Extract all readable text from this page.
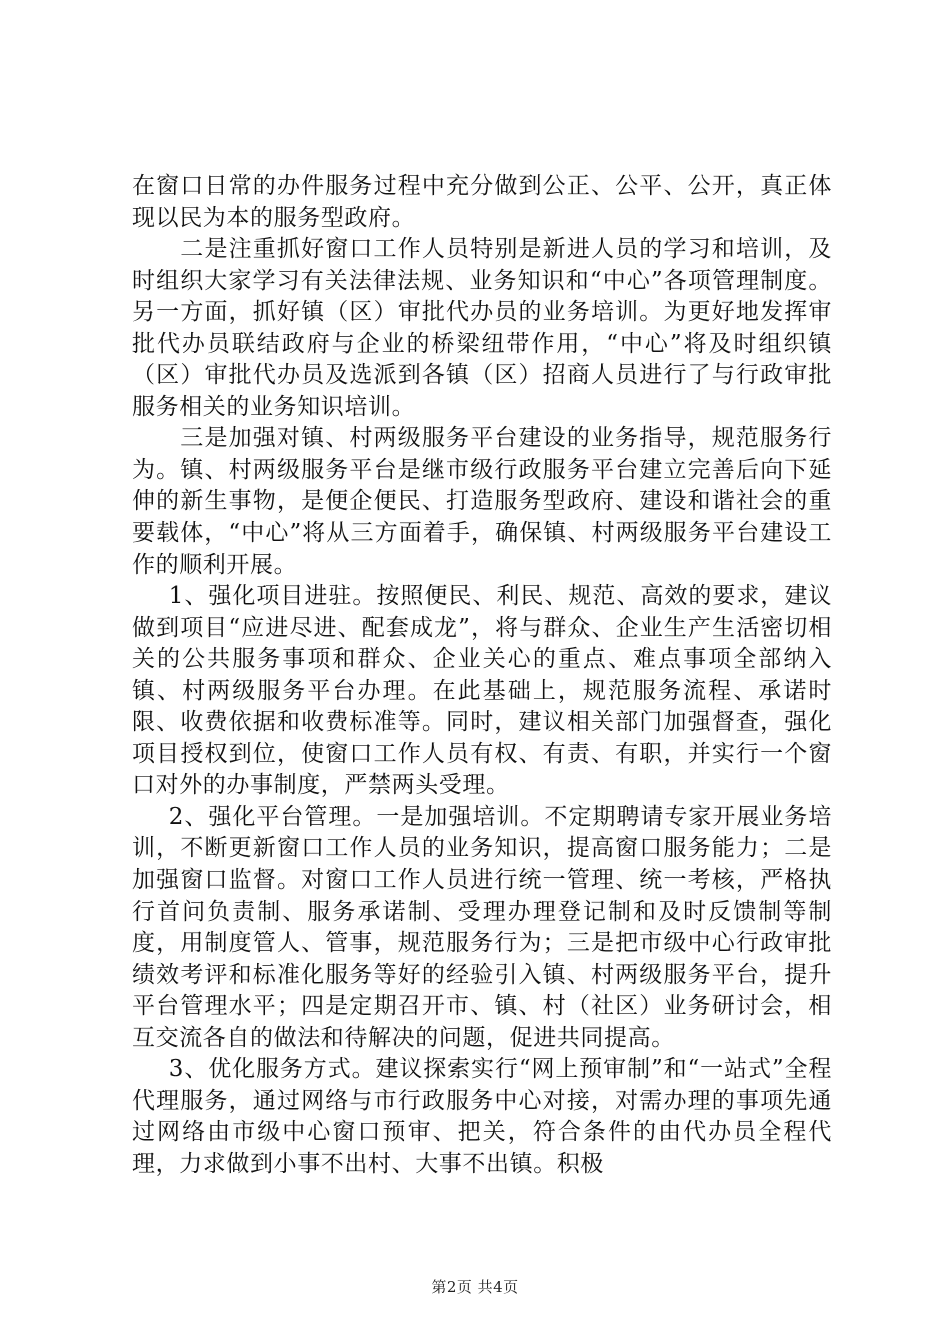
在窗口日常的办件服务过程中充分做到公正、公平、公开，真正体现以民为本的服务型政府。

二是注重抓好窗口工作人员特别是新进人员的学习和培训，及时组织大家学习有关法律法规、业务知识和“中心”各项管理制度。另一方面，抓好镇（区）审批代办员的业务培训。为更好地发挥审批代办员联结政府与企业的桥梁纽带作用，“中心”将及时组织镇（区）审批代办员及选派到各镇（区）招商人员进行了与行政审批服务相关的业务知识培训。

三是加强对镇、村两级服务平台建设的业务指导，规范服务行为。镇、村两级服务平台是继市级行政服务平台建立完善后向下延伸的新生事物，是便企便民、打造服务型政府、建设和谐社会的重要载体，“中心”将从三方面着手，确保镇、村两级服务平台建设工作的顺利开展。

1、强化项目进驻。按照便民、利民、规范、高效的要求，建议做到项目“应进尽进、配套成龙”，将与群众、企业生产生活密切相关的公共服务事项和群众、企业关心的重点、难点事项全部纳入镇、村两级服务平台办理。在此基础上，规范服务流程、承诺时限、收费依据和收费标准等。同时，建议相关部门加强督查，强化项目授权到位，使窗口工作人员有权、有责、有职，并实行一个窗口对外的办事制度，严禁两头受理。

2、强化平台管理。一是加强培训。不定期聘请专家开展业务培训，不断更新窗口工作人员的业务知识，提高窗口服务能力；二是加强窗口监督。对窗口工作人员进行统一管理、统一考核，严格执行首问负责制、服务承诺制、受理办理登记制和及时反馈制等制度，用制度管人、管事，规范服务行为；三是把市级中心行政审批绩效考评和标准化服务等好的经验引入镇、村两级服务平台，提升平台管理水平；四是定期召开市、镇、村（社区）业务研讨会，相互交流各自的做法和待解决的问题，促进共同提高。

3、优化服务方式。建议探索实行“网上预审制”和“一站式”全程代理服务，通过网络与市行政服务中心对接，对需办理的事项先通过网络由市级中心窗口预审、把关，符合条件的由代办员全程代理，力求做到小事不出村、大事不出镇。积极

第2页 共4页
